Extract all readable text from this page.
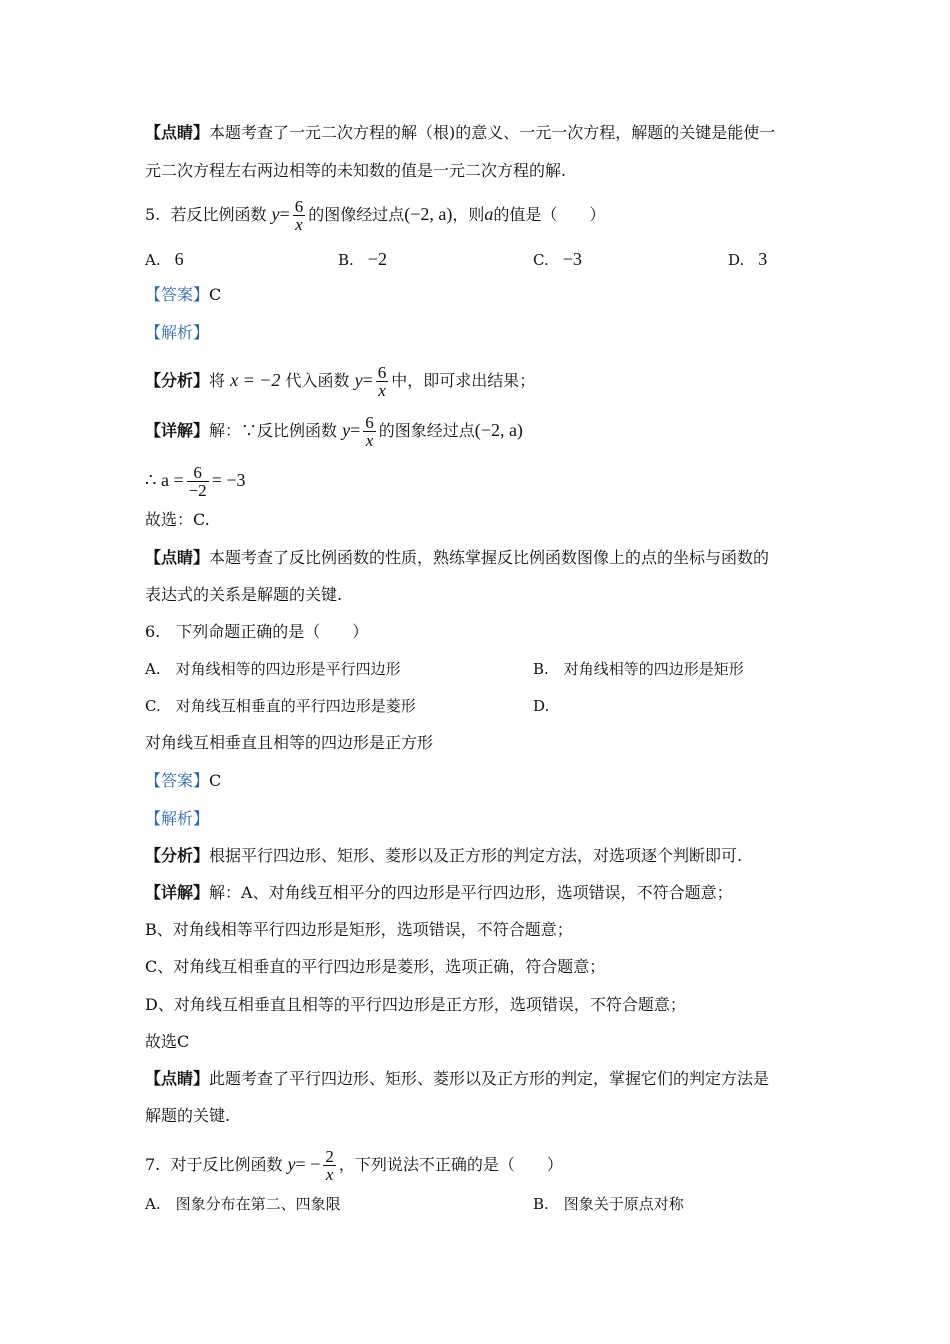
【点睛】本题考查了一元二次方程的解（根)的意义、一元一次方程，解题的关键是能使一
元二次方程左右两边相等的未知数的值是一元二次方程的解.
5. 若反比例函数 $y= \frac{6}{x}$ 的图像经过点(−2, a)，则a的值是（　　）
A. 6	B. −2	C. −3	D. 3
【答案】C
【解析】
【分析】将 x = −2 代入函数 $y= \frac{6}{x}$ 中，即可求出结果；
【详解】解：∵反比例函数 $y= \frac{6}{x}$ 的图象经过点(−2, a)
∴ $a = \frac{6}{-2} = -3$
故选：C.
【点睛】本题考查了反比例函数的性质，熟练掌握反比例函数图像上的点的坐标与函数的
表达式的关系是解题的关键.
6.　下列命题正确的是（　　）
A.　对角线相等的四边形是平行四边形	B.　对角线相等的四边形是矩形
C.　对角线互相垂直的平行四边形是菱形	D.
对角线互相垂直且相等的四边形是正方形
【答案】C
【解析】
【分析】根据平行四边形、矩形、菱形以及正方形的判定方法，对选项逐个判断即可.
【详解】解：A、对角线互相平分的四边形是平行四边形，选项错误，不符合题意；
B、对角线相等平行四边形是矩形，选项错误，不符合题意；
C、对角线互相垂直的平行四边形是菱形，选项正确，符合题意；
D、对角线互相垂直且相等的平行四边形是正方形，选项错误，不符合题意；
故选C
【点睛】此题考查了平行四边形、矩形、菱形以及正方形的判定，掌握它们的判定方法是
解题的关键.
7. 对于反比例函数 $y= - \frac{2}{x}$ ，下列说法不正确的是（　　）
A.　图象分布在第二、四象限	B.　图象关于原点对称
